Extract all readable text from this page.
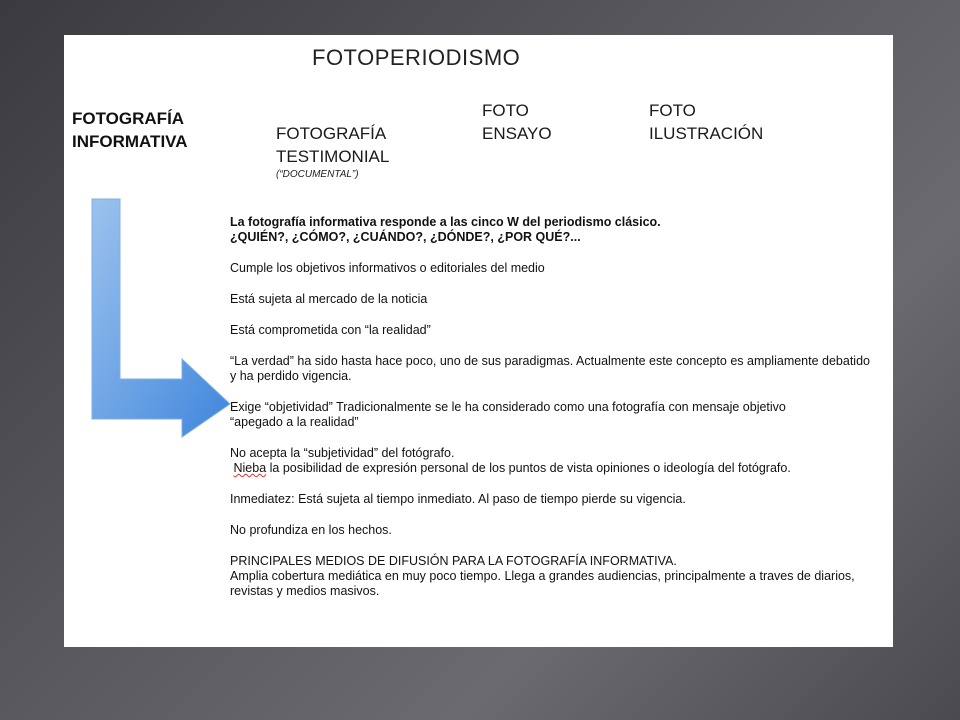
FOTOPERIODISMO
FOTOGRAFÍA
INFORMATIVA	FOTOGRAFÍA
TESTIMONIAL

(“DOCUMENTAL”)

FOTO
ENSAYO
FOTO
ILUSTRACIÓN

La fotografía informativa responde a las cinco W del periodismo clásico.
¿QUIÉN?, ¿CÓMO?, ¿CUÁNDO?, ¿DÓNDE?, ¿POR QUÉ?...

Cumple los objetivos informativos o editoriales del medio

Está sujeta al mercado de la noticia

Está comprometida con “la realidad”

“La verdad” ha sido hasta hace poco, uno de sus paradigmas. Actualmente este concepto es ampliamente debatido
y ha perdido vigencia.

Exige “objetividad” Tradicionalmente se le ha considerado como una fotografía con mensaje objetivo
“apegado a la realidad”

No acepta la “subjetividad” del fotógrafo.
Nieba la posibilidad de expresión personal de los puntos de vista opiniones o ideología del fotógrafo.

Inmediatez: Está sujeta al tiempo inmediato. Al paso de tiempo pierde su vigencia.

No profundiza en los hechos.

PRINCIPALES MEDIOS DE DIFUSIÓN PARA LA FOTOGRAFÍA INFORMATIVA.
Amplia cobertura mediática en muy poco tiempo. Llega a grandes audiencias, principalmente a traves de diarios, revistas y medios masivos.
